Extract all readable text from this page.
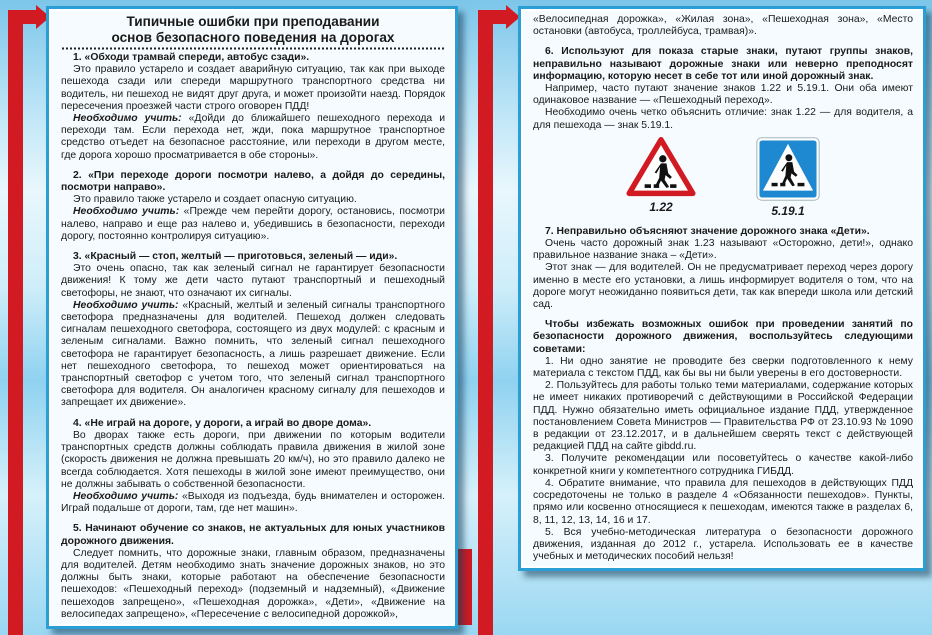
Типичные ошибки при преподавании
основ безопасного поведения на дорогах

1. «Обходи трамвай спереди, автобус сзади».

Это правило устарело и создает аварийную ситуацию, так как при выходе пешехода сзади или спереди маршрутного транспортного средства ни водитель, ни пешеход не видят друг друга, и может произойти наезд. Порядок пересечения проезжей части строго оговорен ПДД!

Необходимо учить: «Дойди до ближайшего пешеходного перехода и переходи там. Если перехода нет, жди, пока маршрутное транспортное средство отъедет на безопасное расстояние, или переходи в другом месте, где дорога хорошо просматривается в обе стороны».

2. «При переходе дороги посмотри налево, а дойдя до середины, посмотри направо».

Это правило также устарело и создает опасную ситуацию.

Необходимо учить: «Прежде чем перейти дорогу, остановись, посмотри налево, направо и еще раз налево и, убедившись в безопасности, переходи дорогу, постоянно контролируя ситуацию».

3. «Красный — стоп, желтый — приготовься, зеленый — иди».

Это очень опасно, так как зеленый сигнал не гарантирует безопасности движения! К тому же дети часто путают транспортный и пешеходный светофоры, не знают, что означают их сигналы.

Необходимо учить: «Красный, желтый и зеленый сигналы транспортного светофора предназначены для водителей. Пешеход должен следовать сигналам пешеходного светофора, состоящего из двух модулей: с красным и зеленым сигналами. Важно помнить, что зеленый сигнал пешеходного светофора не гарантирует безопасность, а лишь разрешает движение. Если нет пешеходного светофора, то пешеход может ориентироваться на транспортный светофор с учетом того, что зеленый сигнал транспортного светофора для водителя. Он аналогичен красному сигналу для пешеходов и запрещает их движение».

4. «Не играй на дороге, у дороги, а играй во дворе дома».

Во дворах также есть дороги, при движении по которым водители транспортных средств должны соблюдать правила движения в жилой зоне (скорость движения не должна превышать 20 км/ч), но это правило далеко не всегда соблюдается. Хотя пешеходы в жилой зоне имеют преимущество, они не должны забывать о собственной безопасности.

Необходимо учить: «Выходя из подъезда, будь внимателен и осторожен. Играй подальше от дороги, там, где нет машин».

5. Начинают обучение со знаков, не актуальных для юных участников дорожного движения.

Следует помнить, что дорожные знаки, главным образом, предназначены для водителей. Детям необходимо знать значение дорожных знаков, но это должны быть знаки, которые работают на обеспечение безопасности пешеходов: «Пешеходный переход» (подземный и надземный), «Движение пешеходов запрещено», «Пешеходная дорожка», «Дети», «Движение на велосипедах запрещено», «Пересечение с велосипедной дорожкой»,

«Велосипедная дорожка», «Жилая зона», «Пешеходная зона», «Место остановки (автобуса, троллейбуса, трамвая)».

6. Используют для показа старые знаки, путают группы знаков, неправильно называют дорожные знаки или неверно преподносят информацию, которую несет в себе тот или иной дорожный знак.

Например, часто путают значение знаков 1.22 и 5.19.1. Они оба имеют одинаковое название — «Пешеходный переход».

Необходимо очень четко объяснить отличие: знак 1.22 — для водителя, а для пешехода — знак 5.19.1.

1.22	5.19.1

7. Неправильно объясняют значение дорожного знака «Дети».

Очень часто дорожный знак 1.23 называют «Осторожно, дети!», однако правильное название знака – «Дети».

Этот знак — для водителей. Он не предусматривает переход через дорогу именно в месте его установки, а лишь информирует водителя о том, что на дороге могут неожиданно появиться дети, так как впереди школа или детский сад.

Чтобы избежать возможных ошибок при проведении занятий по безопасности дорожного движения, воспользуйтесь следующими советами:

1. Ни одно занятие не проводите без сверки подготовленного к нему материала с текстом ПДД, как бы вы ни были уверены в его достоверности.

2. Пользуйтесь для работы только теми материалами, содержание которых не имеет никаких противоречий с действующими в Российской Федерации ПДД. Нужно обязательно иметь официальное издание ПДД, утвержденное постановлением Совета Министров — Правительства РФ от 23.10.93 № 1090 в редакции от 23.12.2017, и в дальнейшем сверять текст с действующей редакцией ПДД на сайте gibdd.ru.

3. Получите рекомендации или посоветуйтесь о качестве какой-либо конкретной книги у компетентного сотрудника ГИБДД.

4. Обратите внимание, что правила для пешеходов в действующих ПДД сосредоточены не только в разделе 4 «Обязанности пешеходов». Пункты, прямо или косвенно относящиеся к пешеходам, имеются также в разделах 6, 8, 11, 12, 13, 14, 16 и 17.

5. Вся учебно-методическая литература о безопасности дорожного движения, изданная до 2012 г., устарела. Использовать ее в качестве учебных и методических пособий нельзя!
